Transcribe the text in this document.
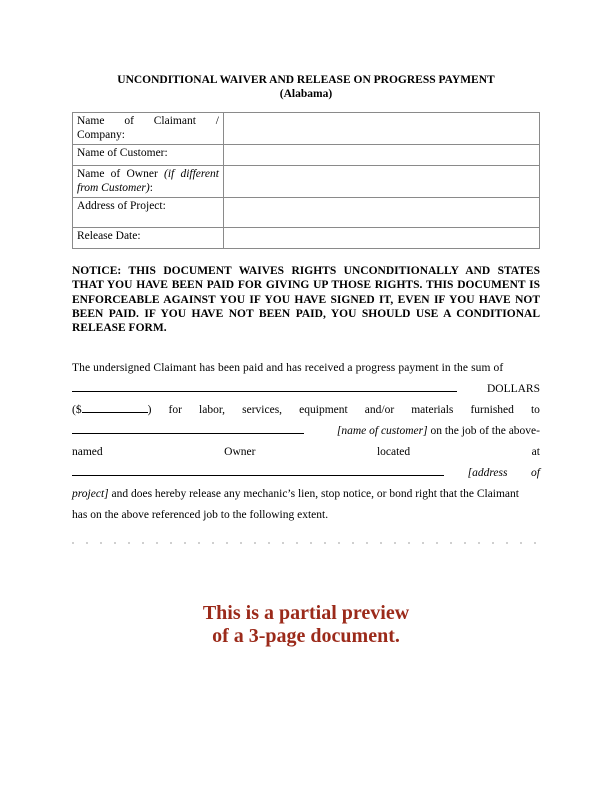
UNCONDITIONAL WAIVER AND RELEASE ON PROGRESS PAYMENT
(Alabama)
Name of Claimant /
Company:	

Name of Customer:	

Name of Owner (if different
from Customer):	

Address of Project:	
Release Date:	
NOTICE: THIS DOCUMENT WAIVES RIGHTS UNCONDITIONALLY AND STATES THAT YOU HAVE BEEN PAID FOR GIVING UP THOSE RIGHTS. THIS DOCUMENT IS ENFORCEABLE AGAINST YOU IF YOU HAVE SIGNED IT, EVEN IF YOU HAVE NOT BEEN PAID. IF YOU HAVE NOT BEEN PAID, YOU SHOULD USE A CONDITIONAL RELEASE FORM.
The undersigned Claimant has been paid and has received a progress payment in the sum of
DOLLARS
($	) for labor, services, equipment and/or materials furnished to
[name of customer] on the job of the above-
named	Owner	located	at
[address of
project] and does hereby release any mechanic’s lien, stop notice, or bond right that the Claimant
has on the above referenced job to the following extent.
This is a partial preview
of a 3-page document.
